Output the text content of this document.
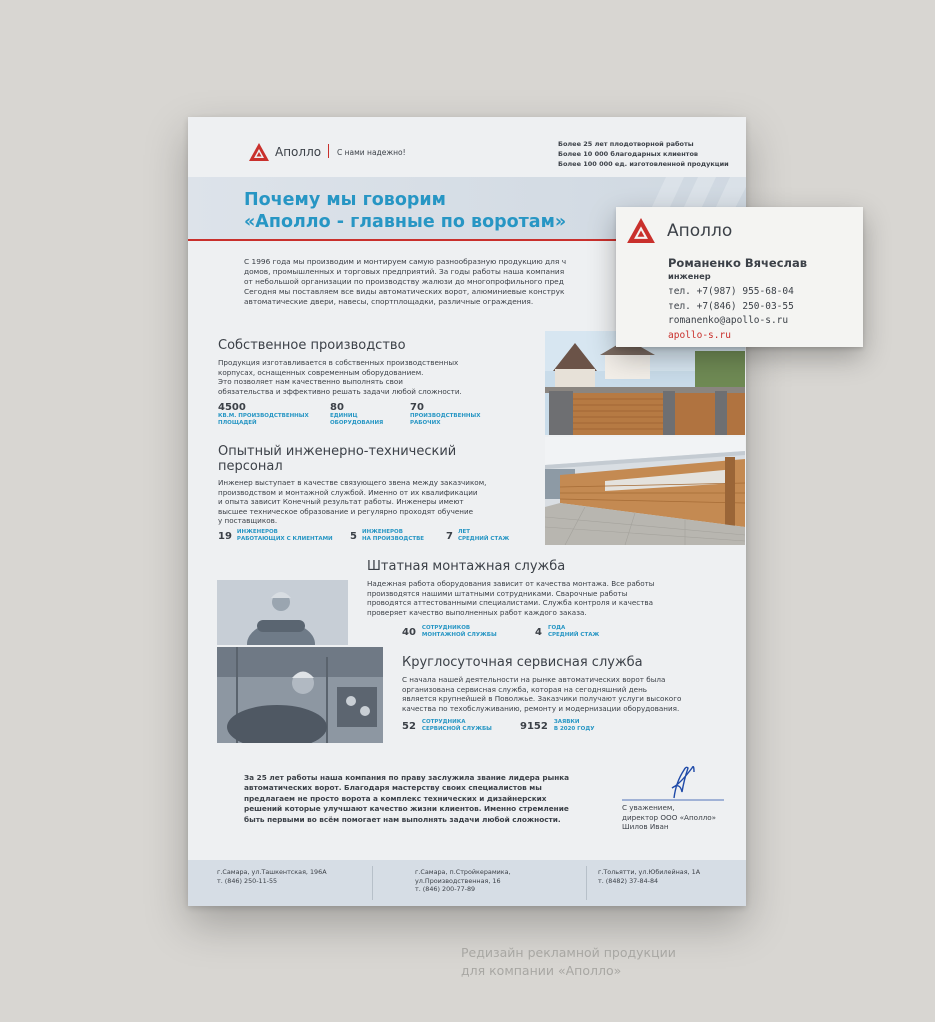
Аполло С нами надежно!
Более 25 лет плодотворной работы
Более 10 000 благодарных клиентов
Более 100 000 ед. изготовленной продукции
Почему мы говорим
«Аполло - главные по воротам»
С 1996 года мы производим и монтируем самую разнообразную продукцию для ч
домов, промышленных и торговых предприятий. За годы работы наша компания
от небольшой организации по производству жалюзи до многопрофильного пред
Сегодня мы поставляем все виды автоматических ворот, алюминиевые конструк
автоматические двери, навесы, спортплощадки, различные ограждения.
Собственное производство
Продукция изготавливается в собственных производственных
корпусах, оснащенных современным оборудованием.
Это позволяет нам качественно выполнять свои
обязательства и эффективно решать задачи любой сложности.
4500
КВ.М. ПРОИЗВОДСТВЕННЫХ
ПЛОЩАДЕЙ
80
ЕДИНИЦ
ОБОРУДОВАНИЯ
70
ПРОИЗВОДСТВЕННЫХ
РАБОЧИХ
Опытный инженерно-технический
персонал
Инженер выступает в качестве связующего звена между заказчиком,
производством и монтажной службой. Именно от их квалификации
и опыта зависит Конечный результат работы. Инженеры имеют
высшее техническое образование и регулярно проходят обучение
у поставщиков.
19 ИНЖЕНЕРОВ
РАБОТАЮЩИХ С КЛИЕНТАМИ 5 ИНЖЕНЕРОВ
НА ПРОИЗВОДСТВЕ 7 ЛЕТ
СРЕДНИЙ СТАЖ
Штатная монтажная служба
Надежная работа оборудования зависит от качества монтажа. Все работы
производятся нашими штатными сотрудниками. Сварочные работы
проводятся аттестованными специалистами. Служба контроля и качества
проверяет качество выполненных работ каждого заказа.
40 СОТРУДНИКОВ
МОНТАЖНОЙ СЛУЖБЫ	4 ГОДА
СРЕДНИЙ СТАЖ
Круглосуточная сервисная служба
С начала нашей деятельности на рынке автоматических ворот была
организована сервисная служба, которая на сегодняшний день
является крупнейшей в Поволжье. Заказчики получают услуги высокого
качества по техобслуживанию, ремонту и модернизации оборудования.
52 СОТРУДНИКА
СЕРВИСНОЙ СЛУЖБЫ	9152 ЗАЯВКИ
В 2020 ГОДУ
За 25 лет работы наша компания по праву заслужила звание лидера рынка
автоматических ворот. Благодаря мастерству своих специалистов мы
предлагаем не просто ворота а комплекс технических и дизайнерских
решений которые улучшают качество жизни клиентов. Именно стремление
быть первыми во всём помогает нам выполнять задачи любой сложности.
С уважением,
директор ООО «Аполло»
Шилов Иван
г.Самара, ул.Ташкентская, 196А
т. (846) 250-11-55
г.Самара, п.Стройкерамика,
ул.Производственная, 16
т. (846) 200-77-89
г.Тольятти, ул.Юбилейная, 1А
т. (8482) 37-84-84
Аполло
Романенко Вячеслав
инженер
тел. +7(987) 955-68-04
тел. +7(846) 250-03-55
romanenko@apollo-s.ru
apollo-s.ru
Редизайн рекламной продукции
для компании «Аполло»
